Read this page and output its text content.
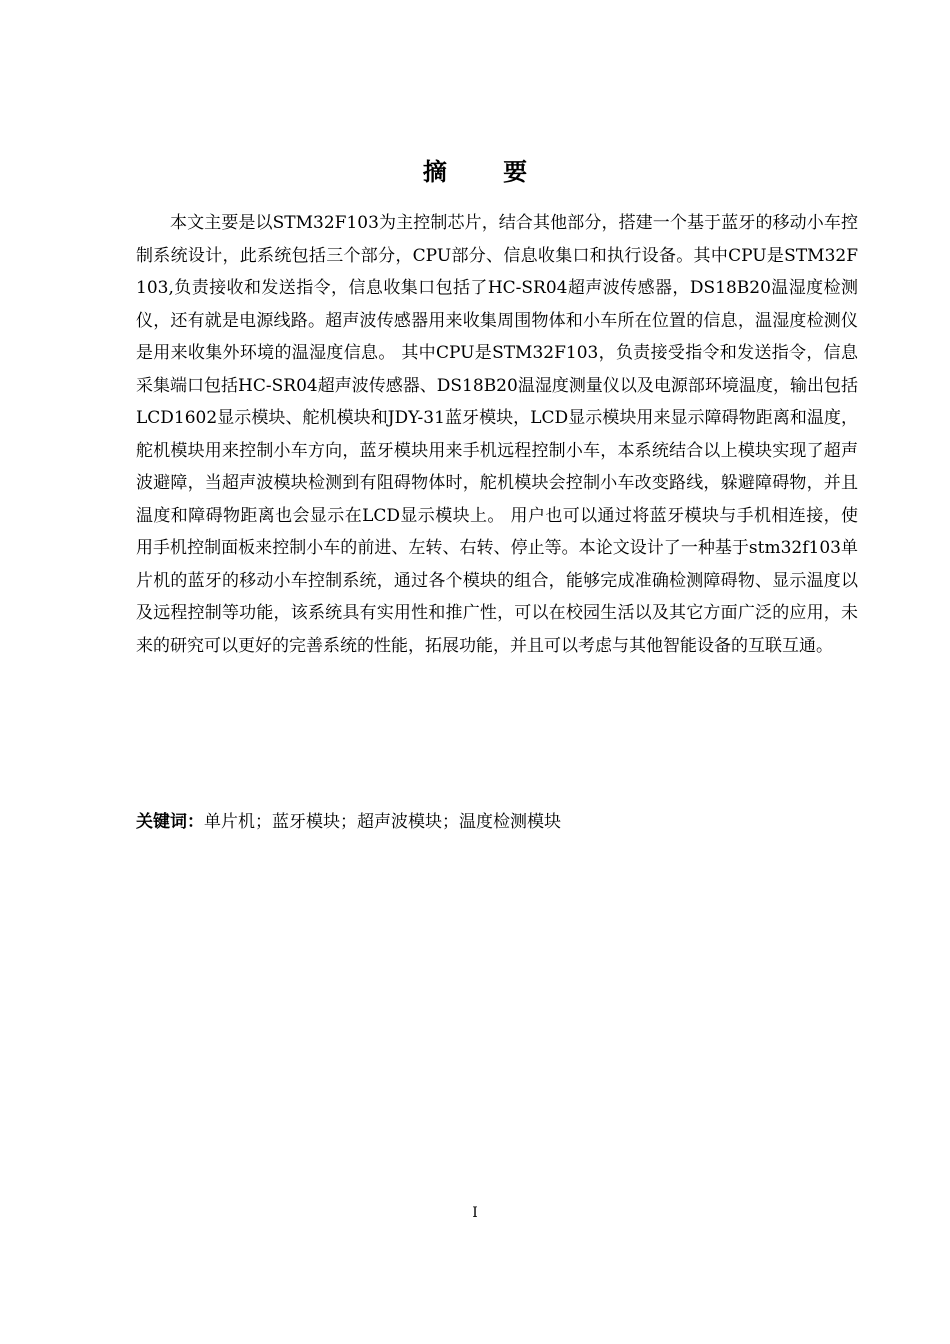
摘 要

本文主要是以STM32F103为主控制芯片，结合其他部分，搭建一个基于蓝牙的移动小车控制系统设计，此系统包括三个部分，CPU部分、信息收集口和执行设备。其中CPU是STM32F103,负责接收和发送指令，信息收集口包括了HC-SR04超声波传感器，DS18B20温湿度检测仪，还有就是电源线路。超声波传感器用来收集周围物体和小车所在位置的信息，温湿度检测仪是用来收集外环境的温湿度信息。 其中CPU是STM32F103，负责接受指令和发送指令，信息采集端口包括HC-SR04超声波传感器、DS18B20温湿度测量仪以及电源部环境温度，输出包括LCD1602显示模块、舵机模块和JDY-31蓝牙模块，LCD显示模块用来显示障碍物距离和温度，舵机模块用来控制小车方向，蓝牙模块用来手机远程控制小车，本系统结合以上模块实现了超声波避障，当超声波模块检测到有阻碍物体时，舵机模块会控制小车改变路线，躲避障碍物，并且温度和障碍物距离也会显示在LCD显示模块上。 用户也可以通过将蓝牙模块与手机相连接，使用手机控制面板来控制小车的前进、左转、右转、停止等。本论文设计了一种基于stm32f103单片机的蓝牙的移动小车控制系统，通过各个模块的组合，能够完成准确检测障碍物、显示温度以及远程控制等功能，该系统具有实用性和推广性，可以在校园生活以及其它方面广泛的应用，未来的研究可以更好的完善系统的性能，拓展功能，并且可以考虑与其他智能设备的互联互通。

关键词：单片机；蓝牙模块；超声波模块；温度检测模块

I
